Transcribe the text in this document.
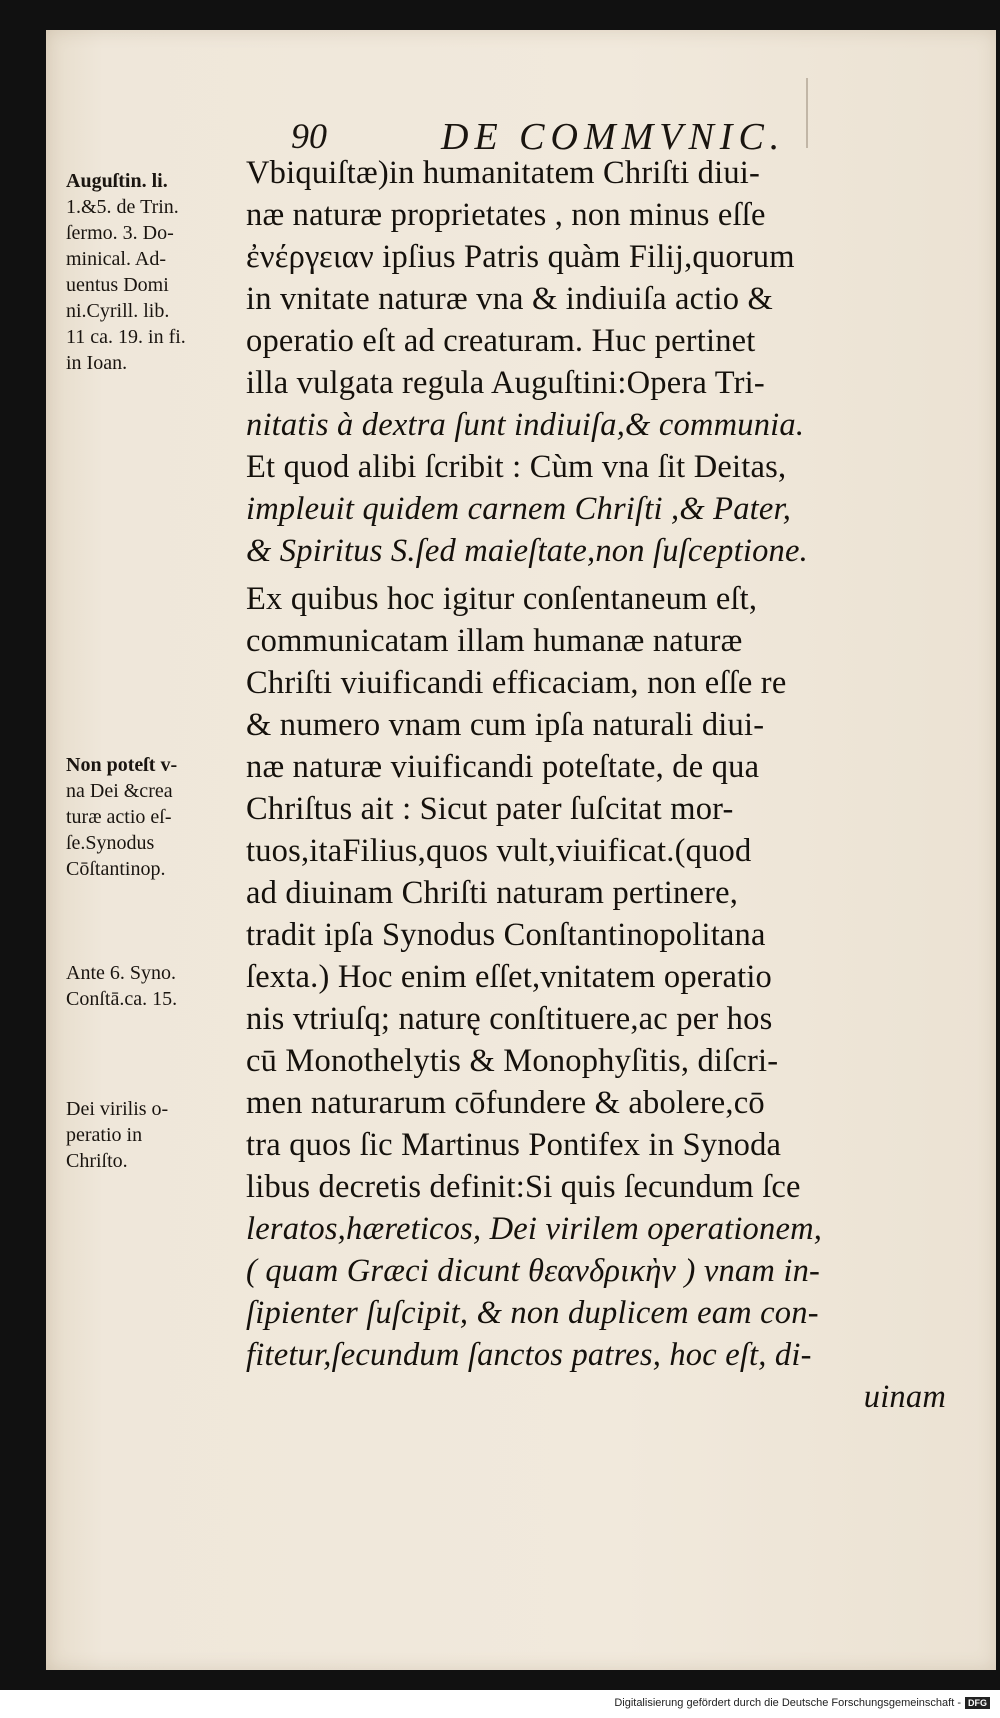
90	DE COMMVNIC.
Auguſtin. li.
1.&5. de Trin.
ſermo. 3. Do-
minical. Ad-
uentus Domi
ni.Cyrill. lib.
11 ca. 19. in fi.
in Ioan.
Non poteſt v-
na Dei &crea
turæ actio eſ-
ſe.Synodus
Cōſtantinop.
Ante 6. Syno.
Conſtā.ca. 15.
Dei virilis o-
peratio in
Chriſto.
Vbiquiſtæ)in humanitatem Chriſti diui-
næ naturæ proprietates , non minus eſſe
ἐνέργειαν ipſius Patris quàm Filij,quorum
in vnitate naturæ vna & indiuiſa actio &
operatio eſt ad creaturam. Huc pertinet
illa vulgata regula Auguſtini:Opera Tri-
nitatis à dextra ſunt indiuiſa,& communia.
Et quod alibi ſcribit : Cùm vna ſit Deitas,
impleuit quidem carnem Chriſti ,& Pater,
& Spiritus S.ſed maieſtate,non ſuſceptione.
Ex quibus hoc igitur conſentaneum eſt,
communicatam illam humanæ naturæ
Chriſti viuificandi efficaciam, non eſſe re
& numero vnam cum ipſa naturali diui-
næ naturæ viuificandi poteſtate, de qua
Chriſtus ait : Sicut pater ſuſcitat mor-
tuos,itaFilius,quos vult,viuificat.(quod
ad diuinam Chriſti naturam pertinere,
tradit ipſa Synodus Conſtantinopolitana
ſexta.) Hoc enim eſſet,vnitatem operatio
nis vtriuſq; naturę conſtituere,ac per hos
cū Monothelytis & Monophyſitis, diſcri-
men naturarum cōfundere & abolere,cō
tra quos ſic Martinus Pontifex in Synoda
libus decretis definit:Si quis ſecundum ſce
leratos,hæreticos, Dei virilem operationem,
( quam Græci dicunt θεανδρικὴν ) vnam in-
ſipienter ſuſcipit, & non duplicem eam con-
fitetur,ſecundum ſanctos patres, hoc eſt, di-
uinam
Digitalisierung gefördert durch die Deutsche Forschungsgemeinschaft - DFG
